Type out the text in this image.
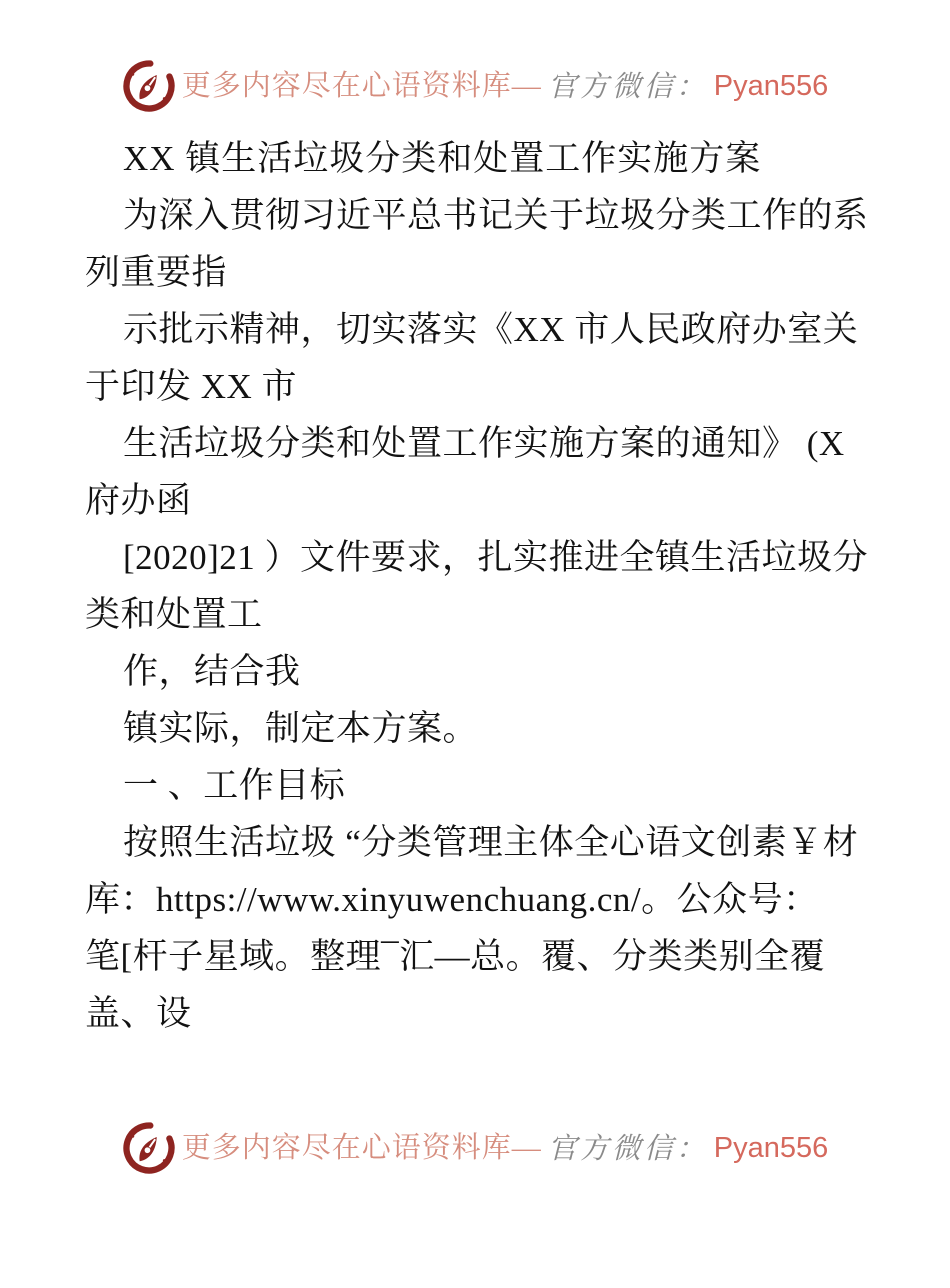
更多内容尽在心语资料库— 官方微信： Pyan556
XX 镇生活垃圾分类和处置工作实施方案
为深入贯彻习近平总书记关于垃圾分类工作的系
列重要指
示批示精神，切实落实《XX 市人民政府办室关
于印发 XX 市
生活垃圾分类和处置工作实施方案的通知》 (X
府办函
[2020]21 ）文件要求，扎实推进全镇生活垃圾分
类和处置工
作，结合我
镇实际，制定本方案。
一 、工作目标
按照生活垃圾 “分类管理主体全心语文创素￥材
库：https://www.xinyuwenchuang.cn/。公众号：
笔[杆子星域。整理¯汇—总。覆、分类类别全覆
盖、设
更多内容尽在心语资料库— 官方微信： Pyan556
